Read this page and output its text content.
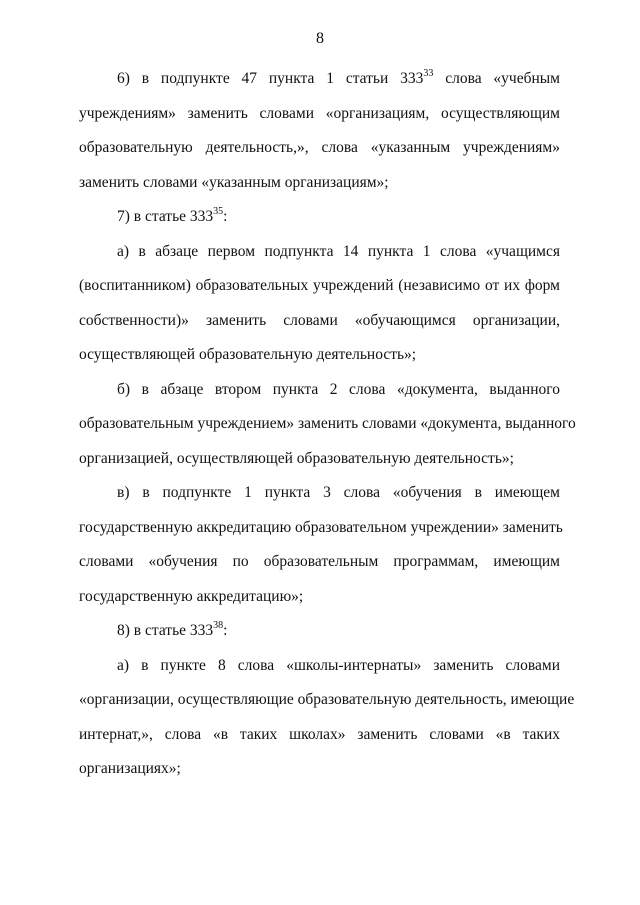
8

6) в подпункте 47 пункта 1 статьи $333^{33}$ слова «учебным
учреждениям» заменить словами «организациям, осуществляющим
образовательную деятельность,», слова «указанным учреждениям»
заменить словами «указанным организациям»;

7) в статье $333^{35}$:

а) в абзаце первом подпункта 14 пункта 1 слова «учащимся
(воспитанником) образовательных учреждений (независимо от их форм
собственности)» заменить словами «обучающимся организации,
осуществляющей образовательную деятельность»;

б) в абзаце втором пункта 2 слова «документа, выданного
образовательным учреждением» заменить словами «документа, выданного
организацией, осуществляющей образовательную деятельность»;

в) в подпункте 1 пункта 3 слова «обучения в имеющем
государственную аккредитацию образовательном учреждении» заменить
словами «обучения по образовательным программам, имеющим
государственную аккредитацию»;

8) в статье $333^{38}$:

а) в пункте 8 слова «школы-интернаты» заменить словами
«организации, осуществляющие образовательную деятельность, имеющие
интернат,», слова «в таких школах» заменить словами «в таких
организациях»;
